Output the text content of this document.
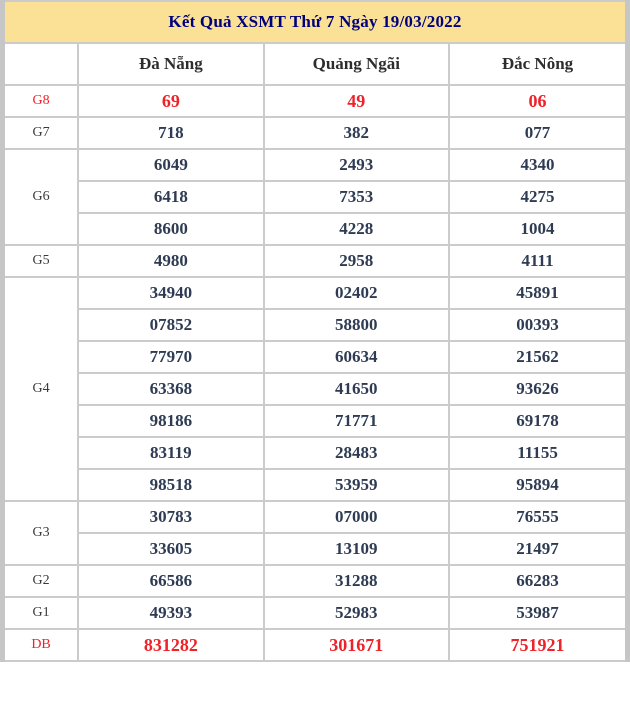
Kết Quả XSMT Thứ 7 Ngày 19/03/2022			
	Đà Nẵng	Quảng Ngãi	Đắc Nông
G8	69	49	06
G7	718	382	077
G6	6049	2493	4340
	6418	7353	4275
	8600	4228	1004
G5	4980	2958	4111
G4	34940	02402	45891
	07852	58800	00393
	77970	60634	21562
	63368	41650	93626
	98186	71771	69178
	83119	28483	11155
	98518	53959	95894
G3	30783	07000	76555
	33605	13109	21497
G2	66586	31288	66283
G1	49393	52983	53987
DB	831282	301671	751921
